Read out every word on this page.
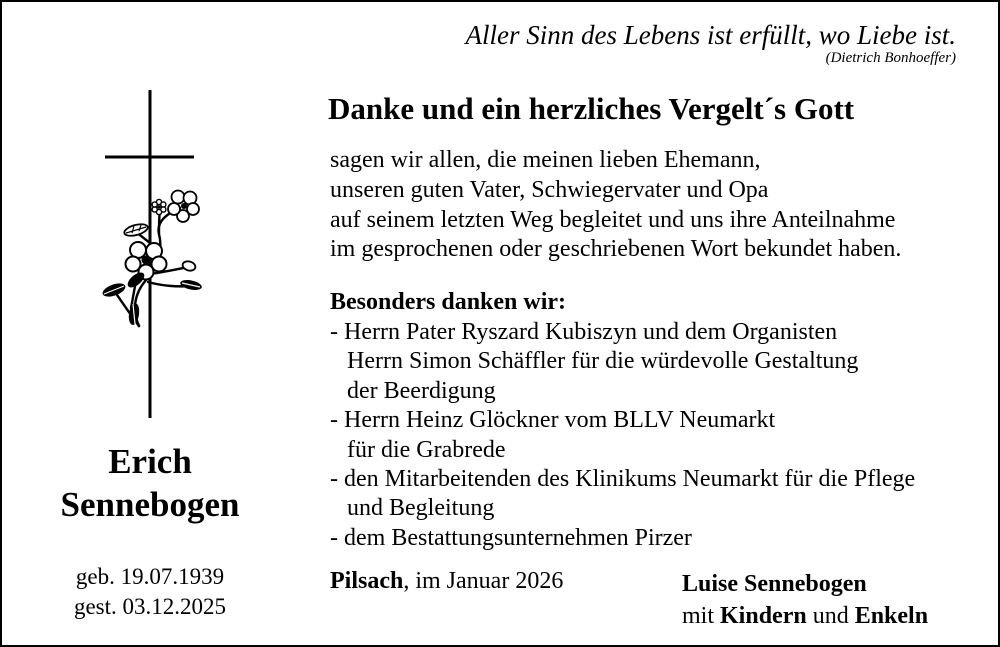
Aller Sinn des Lebens ist erfüllt, wo Liebe ist.
(Dietrich Bonhoeffer)
Erich
Sennebogen
geb. 19.07.1939
gest. 03.12.2025
Danke und ein herzliches Vergelt´s Gott
sagen wir allen, die meinen lieben Ehemann,
unseren guten Vater, Schwiegervater und Opa
auf seinem letzten Weg begleitet und uns ihre Anteilnahme
im gesprochenen oder geschriebenen Wort bekundet haben.
Besonders danken wir:
- Herrn Pater Ryszard Kubiszyn und dem Organisten
Herrn Simon Schäffler für die würdevolle Gestaltung
der Beerdigung
- Herrn Heinz Glöckner vom BLLV Neumarkt
für die Grabrede
- den Mitarbeitenden des Klinikums Neumarkt für die Pflege
und Begleitung
- dem Bestattungsunternehmen Pirzer
Pilsach, im Januar 2026	Luise Sennebogen
mit Kindern und Enkeln
